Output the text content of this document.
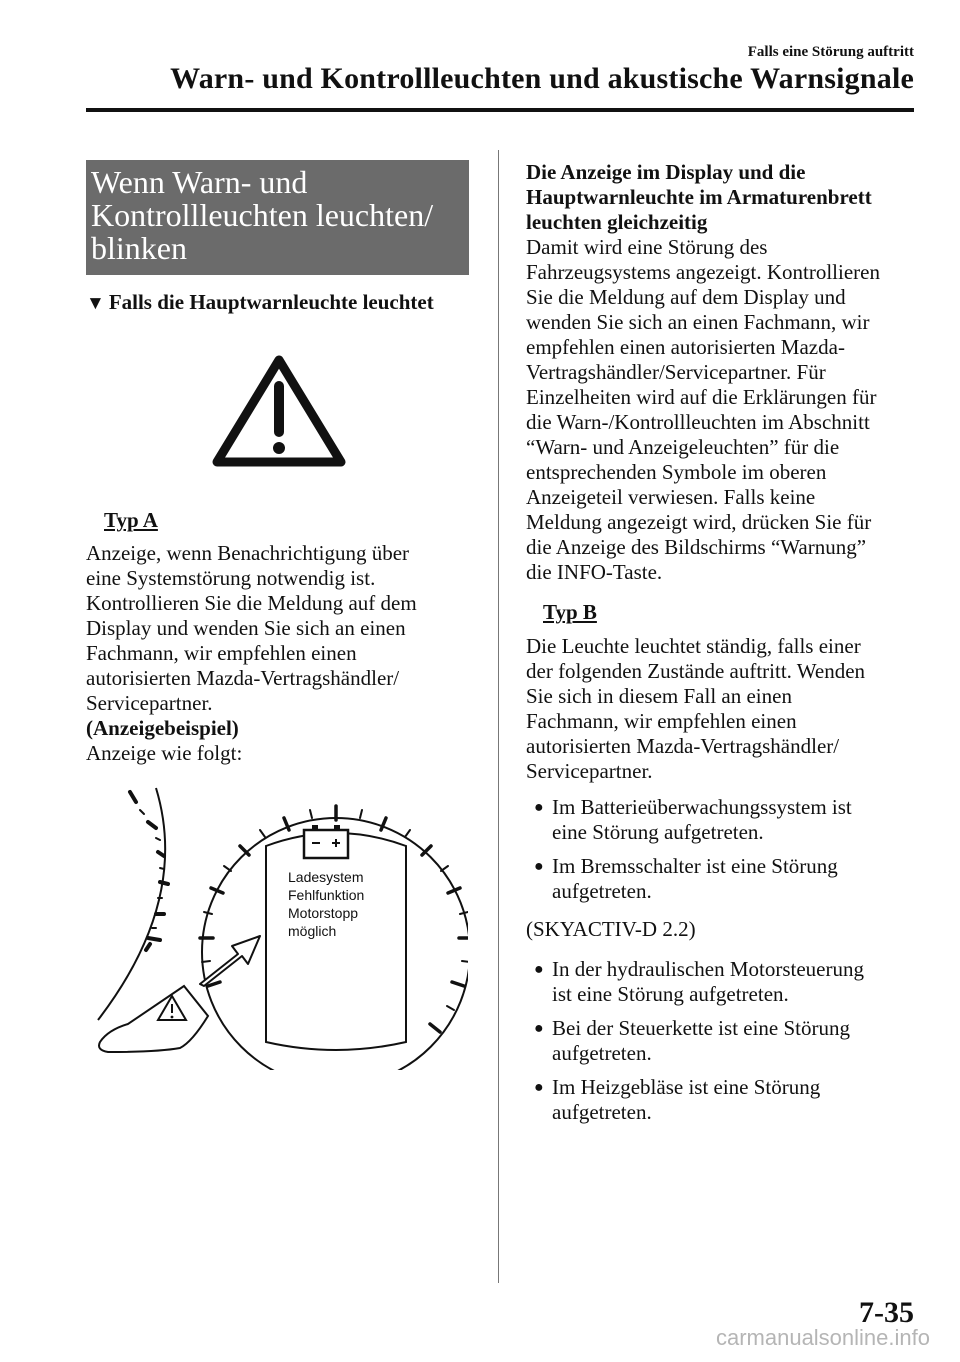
Falls eine Störung auftritt
Warn- und Kontrollleuchten und akustische Warnsignale
Wenn Warn- und
Kontrollleuchten leuchten/
blinken
▼ Falls die Hauptwarnleuchte leuchtet
Typ A
Anzeige, wenn Benachrichtigung über
eine Systemstörung notwendig ist.
Kontrollieren Sie die Meldung auf dem
Display und wenden Sie sich an einen
Fachmann, wir empfehlen einen
autorisierten Mazda-Vertragshändler/
Servicepartner.
(Anzeigebeispiel)
Anzeige wie folgt:
Ladesystem
Fehlfunktion
Motorstopp
möglich
Die Anzeige im Display und die
Hauptwarnleuchte im Armaturenbrett
leuchten gleichzeitig
Damit wird eine Störung des
Fahrzeugsystems angezeigt. Kontrollieren
Sie die Meldung auf dem Display und
wenden Sie sich an einen Fachmann, wir
empfehlen einen autorisierten Mazda-
Vertragshändler/Servicepartner. Für
Einzelheiten wird auf die Erklärungen für
die Warn-/Kontrollleuchten im Abschnitt
“Warn- und Anzeigeleuchten” für die
entsprechenden Symbole im oberen
Anzeigeteil verwiesen. Falls keine
Meldung angezeigt wird, drücken Sie für
die Anzeige des Bildschirms “Warnung”
die INFO-Taste.
Typ B
Die Leuchte leuchtet ständig, falls einer
der folgenden Zustände auftritt. Wenden
Sie sich in diesem Fall an einen
Fachmann, wir empfehlen einen
autorisierten Mazda-Vertragshändler/
Servicepartner.
● Im Batterieüberwachungssystem ist
eine Störung aufgetreten.
● Im Bremsschalter ist eine Störung
aufgetreten.
(SKYACTIV-D 2.2)
● In der hydraulischen Motorsteuerung
ist eine Störung aufgetreten.
● Bei der Steuerkette ist eine Störung
aufgetreten.
● Im Heizgebläse ist eine Störung
aufgetreten.
7-35
carmanualsonline.info
